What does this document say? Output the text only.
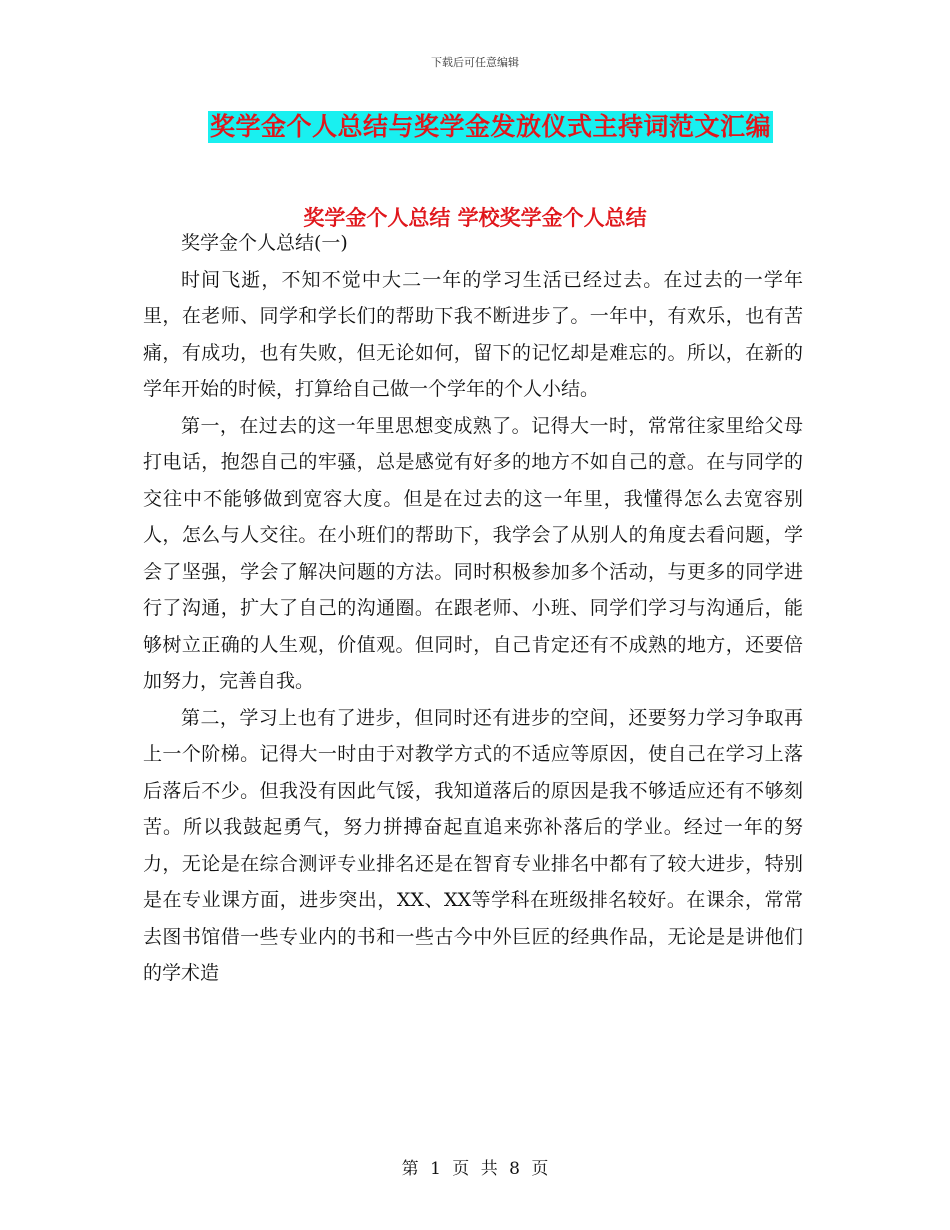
下载后可任意编辑
奖学金个人总结与奖学金发放仪式主持词范文汇编
奖学金个人总结 学校奖学金个人总结

奖学金个人总结(一)

时间飞逝，不知不觉中大二一年的学习生活已经过去。在过去的一学年里，在老师、同学和学长们的帮助下我不断进步了。一年中，有欢乐，也有苦痛，有成功，也有失败，但无论如何，留下的记忆却是难忘的。所以，在新的学年开始的时候，打算给自己做一个学年的个人小结。

第一，在过去的这一年里思想变成熟了。记得大一时，常常往家里给父母打电话，抱怨自己的牢骚，总是感觉有好多的地方不如自己的意。在与同学的交往中不能够做到宽容大度。但是在过去的这一年里，我懂得怎么去宽容别人，怎么与人交往。在小班们的帮助下，我学会了从别人的角度去看问题，学会了坚强，学会了解决问题的方法。同时积极参加多个活动，与更多的同学进行了沟通，扩大了自己的沟通圈。在跟老师、小班、同学们学习与沟通后，能够树立正确的人生观，价值观。但同时，自己肯定还有不成熟的地方，还要倍加努力，完善自我。

第二，学习上也有了进步，但同时还有进步的空间，还要努力学习争取再上一个阶梯。记得大一时由于对教学方式的不适应等原因，使自己在学习上落后落后不少。但我没有因此气馁，我知道落后的原因是我不够适应还有不够刻苦。所以我鼓起勇气，努力拼搏奋起直追来弥补落后的学业。经过一年的努力，无论是在综合测评专业排名还是在智育专业排名中都有了较大进步，特别是在专业课方面，进步突出，XX、XX等学科在班级排名较好。在课余，常常去图书馆借一些专业内的书和一些古今中外巨匠的经典作品，无论是是讲他们的学术造

第 1 页 共 8 页
